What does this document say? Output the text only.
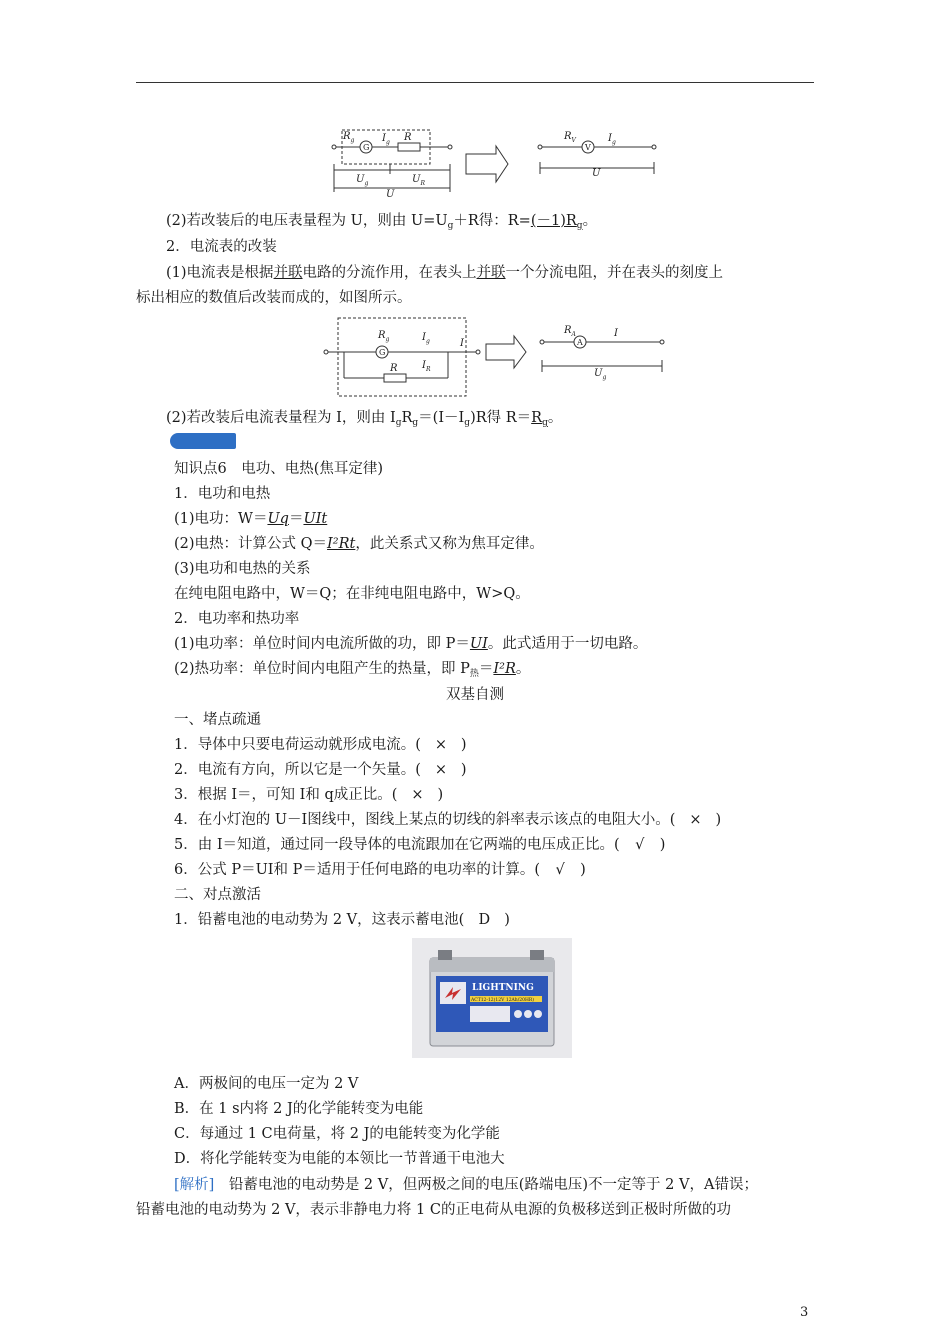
$R_g$
G
$I_g$ R
$U_g$	$U_R$
U
$R_V$
V
$I_g$
U
(2)若改装后的电压表量程为 U，则由 $U=U_g+R$得：$R=(-1)R_g$。
2．电流表的改装
(1)电流表是根据并联电路的分流作用，在表头上并联一个分流电阻，并在表头的刻度上
标出相应的数值后改装而成的，如图所示。
$R_g$
G
$I_g$	I
R $I_R$
$R_A$
A
I
$U_g$
(2)若改装后电流表量程为 I，则由 $I_gR_g=(I-I_g)R$得 $R=R_g$。
知识点6　电功、电热(焦耳定律)
1．电功和电热
(1)电功：W＝Uq＝UIt
(2)电热：计算公式 Q＝I²Rt，此关系式又称为焦耳定律。
(3)电功和电热的关系
在纯电阻电路中，W＝Q；在非纯电阻电路中，W>Q。
2．电功率和热功率
(1)电功率：单位时间内电流所做的功，即 P＝UI。此式适用于一切电路。
(2)热功率：单位时间内电阻产生的热量，即 $P_热=I^2R$。
双基自测
一、堵点疏通
1．导体中只要电荷运动就形成电流。( × )
2．电流有方向，所以它是一个矢量。( × )
3．根据 I＝，可知 I和 q成正比。( × )
4．在小灯泡的 U－I图线中，图线上某点的切线的斜率表示该点的电阻大小。( × )
5．由 I＝知道，通过同一段导体的电流跟加在它两端的电压成正比。( √ )
6．公式 P＝UI和 P＝适用于任何电路的电功率的计算。( √ )
二、对点激活
1．铅蓄电池的电动势为 2 V，这表示蓄电池( D )
LIGHTNING
ACT12-12(12V 12Ah/20HR)
A．两极间的电压一定为 2 V
B．在 1 s内将 2 J的化学能转变为电能
C．每通过 1 C电荷量，将 2 J的电能转变为化学能
D．将化学能转变为电能的本领比一节普通干电池大
[解析]　铅蓄电池的电动势是 2 V，但两极之间的电压(路端电压)不一定等于 2 V，A错误；
铅蓄电池的电动势为 2 V，表示非静电力将 1 C的正电荷从电源的负极移送到正极时所做的功
3
